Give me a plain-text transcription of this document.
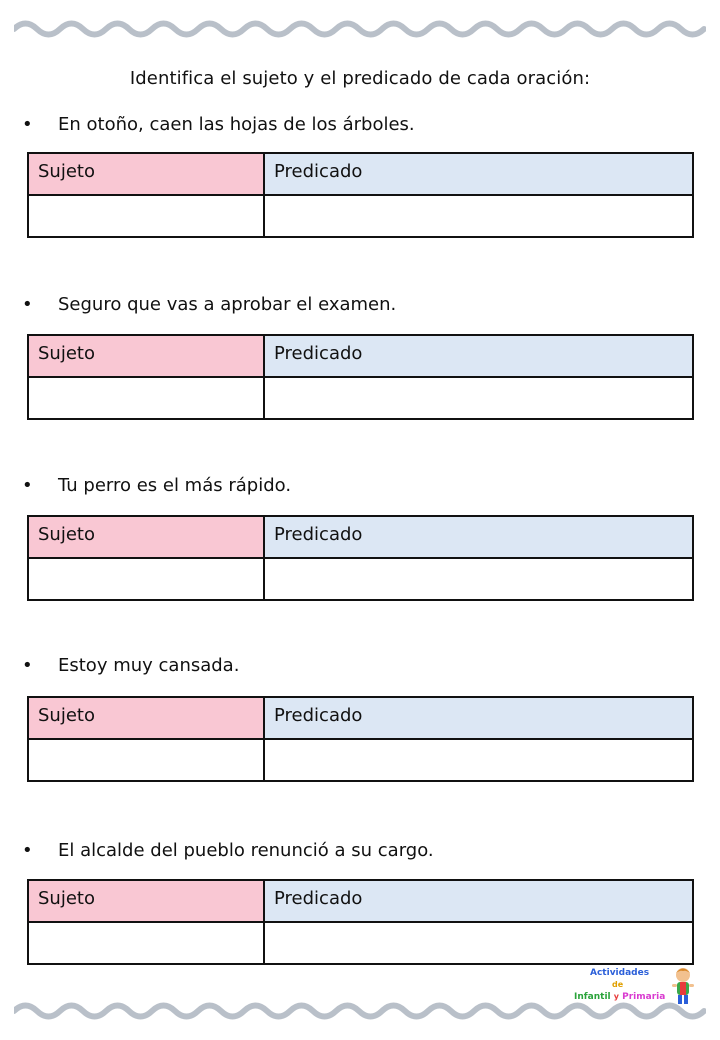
Identifica el sujeto y el predicado de cada oración:
• En otoño, caen las hojas de los árboles.
Sujeto	Predicado
• Seguro que vas a aprobar el examen.
Sujeto	Predicado
• Tu perro es el más rápido.
Sujeto	Predicado
• Estoy muy cansada.
Sujeto	Predicado
• El alcalde del pueblo renunció a su cargo.
Sujeto	Predicado
Actividades
de
Infantil y Primaria
